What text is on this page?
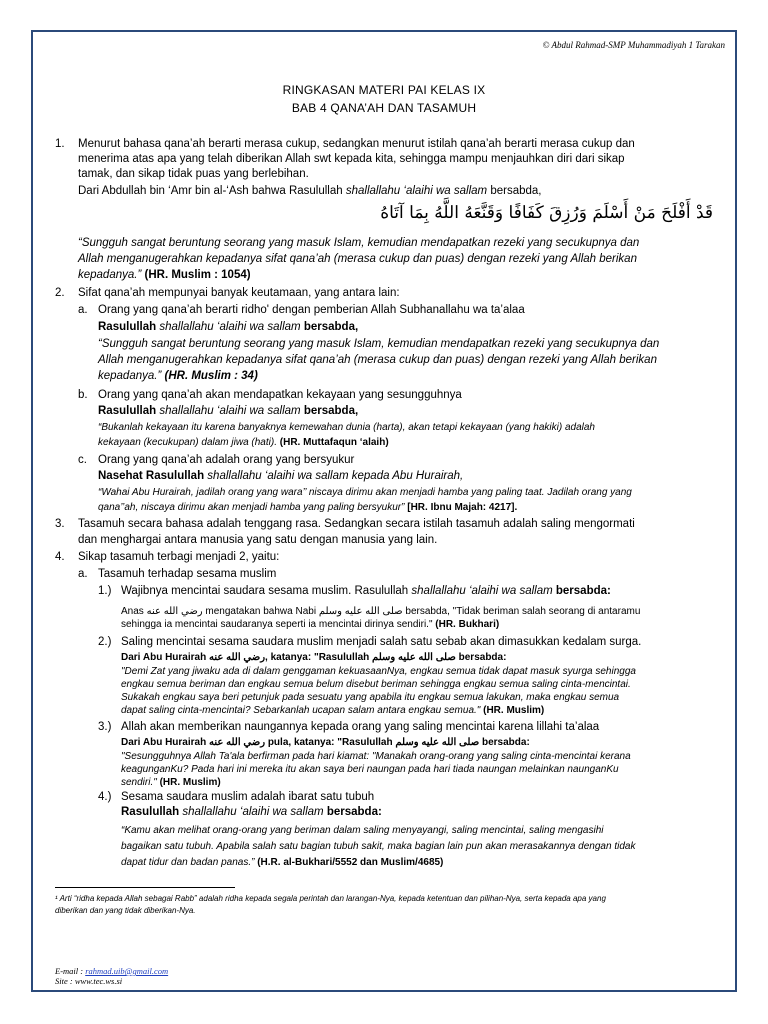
© Abdul Rahmad-SMP Muhammadiyah 1 Tarakan
RINGKASAN MATERI PAI KELAS IX
BAB 4 QANA’AH DAN TASAMUH
1. Menurut bahasa qana’ah berarti merasa cukup, sedangkan menurut istilah qana’ah berarti merasa cukup dan
menerima atas apa yang telah diberikan Allah swt kepada kita, sehingga mampu menjauhkan diri dari sikap
tamak, dan sikap tidak puas yang berlebihan.
Dari Abdullah bin ‘Amr bin al-‘Ash bahwa Rasulullah shallallahu ‘alaihi wa sallam bersabda,
قَدْ أَفْلَحَ مَنْ أَسْلَمَ وَرُزِقَ كَفَافًا وَقَنَّعَهُ اللَّهُ بِمَا آتَاهُ
“Sungguh sangat beruntung seorang yang masuk Islam, kemudian mendapatkan rezeki yang secukupnya dan
Allah menganugerahkan kepadanya sifat qana’ah (merasa cukup dan puas) dengan rezeki yang Allah berikan
kepadanya.” (HR. Muslim : 1054)
2. Sifat qana’ah mempunyai banyak keutamaan, yang antara lain:
a. Orang yang qana’ah berarti ridho' dengan pemberian Allah Subhanallahu wa ta’alaa
Rasulullah shallallahu ‘alaihi wa sallam bersabda,
“Sungguh sangat beruntung seorang yang masuk Islam, kemudian mendapatkan rezeki yang secukupnya dan
Allah menganugerahkan kepadanya sifat qana’ah (merasa cukup dan puas) dengan rezeki yang Allah berikan
kepadanya.” (HR. Muslim : 34)
b. Orang yang qana’ah akan mendapatkan kekayaan yang sesungguhnya
Rasulullah shallallahu ‘alaihi wa sallam bersabda,
“Bukanlah kekayaan itu karena banyaknya kemewahan dunia (harta), akan tetapi kekayaan (yang hakiki) adalah
kekayaan (kecukupan) dalam jiwa (hati). (HR. Muttafaqun ‘alaih)
c. Orang yang qana’ah adalah orang yang bersyukur
Nasehat Rasulullah shallallahu ‘alaihi wa sallam kepada Abu Hurairah,
“Wahai Abu Hurairah, jadilah orang yang wara’’ niscaya dirimu akan menjadi hamba yang paling taat. Jadilah orang yang
qana’’ah, niscaya dirimu akan menjadi hamba yang paling bersyukur” [HR. Ibnu Majah: 4217].
3. Tasamuh secara bahasa adalah tenggang rasa. Sedangkan secara istilah tasamuh adalah saling mengormati
dan menghargai antara manusia yang satu dengan manusia yang lain.
4. Sikap tasamuh terbagi menjadi 2, yaitu:
a. Tasamuh terhadap sesama muslim
1.) Wajibnya mencintai saudara sesama muslim. Rasulullah shallallahu ‘alaihi wa sallam bersabda:
Anas رضي الله عنه mengatakan bahwa Nabi صلى الله عليه وسلم bersabda, "Tidak beriman salah seorang di antaramu
sehingga ia mencintai saudaranya seperti ia mencintai dirinya sendiri." (HR. Bukhari)
2.) Saling mencintai sesama saudara muslim menjadi salah satu sebab akan dimasukkan kedalam surga.
Dari Abu Hurairah رضي الله عنه, katanya: "Rasulullah صلى الله عليه وسلم bersabda:
"Demi Zat yang jiwaku ada di dalam genggaman kekuasaanNya, engkau semua tidak dapat masuk syurga sehingga
engkau semua beriman dan engkau semua belum disebut beriman sehingga engkau semua saling cinta-mencintai.
Sukakah engkau saya beri petunjuk pada sesuatu yang apabila itu engkau semua lakukan, maka engkau semua
dapat saling cinta-mencintai? Sebarkanlah ucapan salam antara engkau semua." (HR. Muslim)
3.) Allah akan memberikan naungannya kepada orang yang saling mencintai karena lillahi ta’alaa
Dari Abu Hurairah رضي الله عنه pula, katanya: "Rasulullah صلى الله عليه وسلم bersabda:
"Sesungguhnya Allah Ta'ala berfirman pada hari kiamat: "Manakah orang-orang yang saling cinta-mencintai kerana
keagunganKu? Pada hari ini mereka itu akan saya beri naungan pada hari tiada naungan melainkan naunganKu
sendiri." (HR. Muslim)
4.) Sesama saudara muslim adalah ibarat satu tubuh
Rasulullah shallallahu ‘alaihi wa sallam bersabda:
“Kamu akan melihat orang-orang yang beriman dalam saling menyayangi, saling mencintai, saling mengasihi
bagaikan satu tubuh. Apabila salah satu bagian tubuh sakit, maka bagian lain pun akan merasakannya dengan tidak
dapat tidur dan badan panas.” (H.R. al-Bukhari/5552 dan Muslim/4685)
¹ Arti “ridha kepada Allah sebagai Rabb” adalah ridha kepada segala perintah dan larangan-Nya, kepada ketentuan dan pilihan-Nya, serta kepada apa yang
diberikan dan yang tidak diberikan-Nya.
E-mail : rahmad.uib@gmail.com
Site : www.tec.ws.si
